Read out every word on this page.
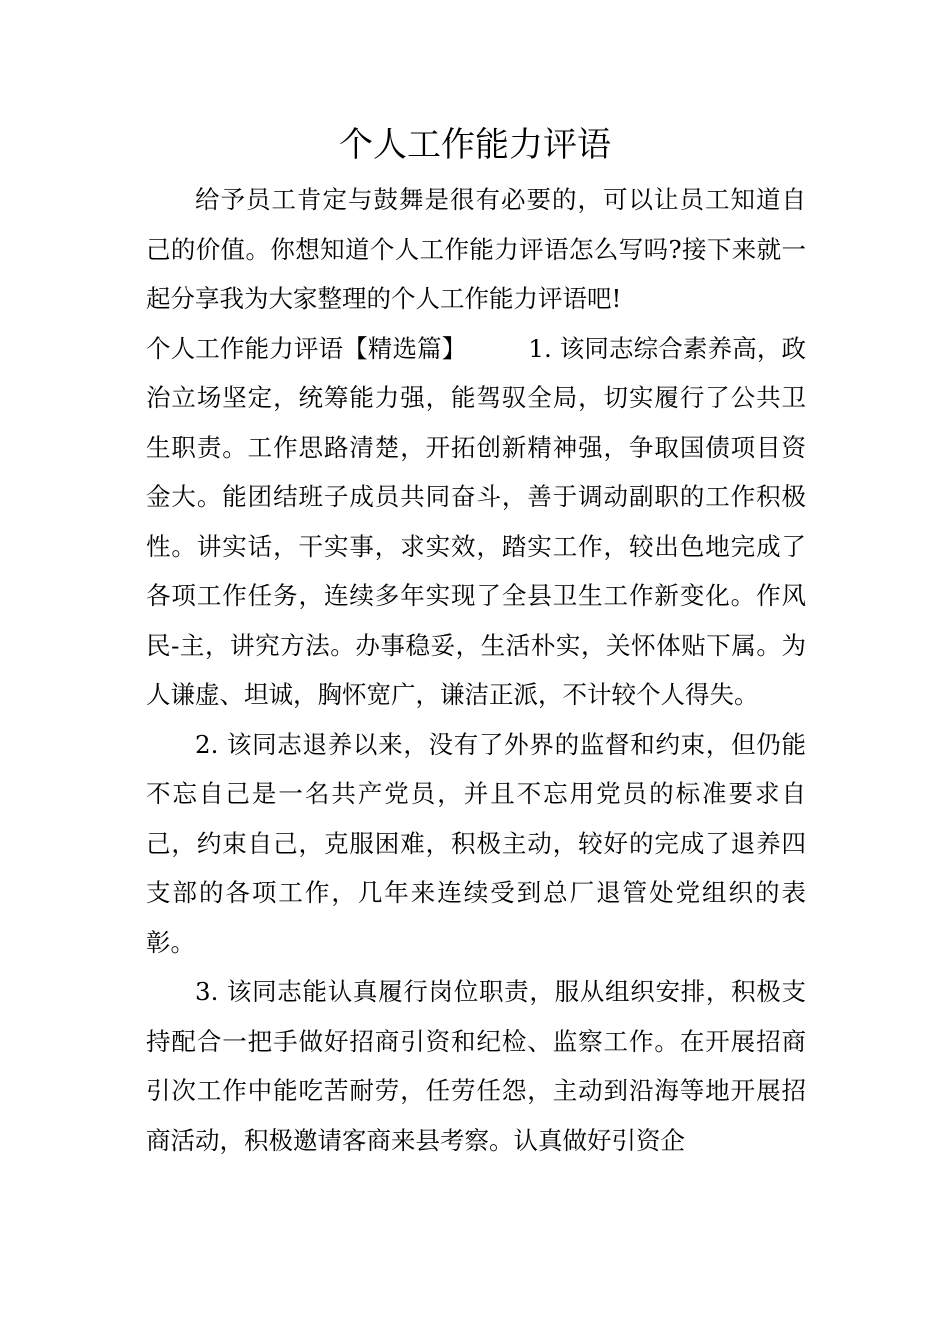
个人工作能力评语

给予员工肯定与鼓舞是很有必要的，可以让员工知道自己的价值。你想知道个人工作能力评语怎么写吗?接下来就一起分享我为大家整理的个人工作能力评语吧!

个人工作能力评语【精选篇】	1. 该同志综合素养高，政治立场坚定，统筹能力强，能驾驭全局，切实履行了公共卫生职责。工作思路清楚，开拓创新精神强，争取国债项目资金大。能团结班子成员共同奋斗，善于调动副职的工作积极性。讲实话，干实事，求实效，踏实工作，较出色地完成了各项工作任务，连续多年实现了全县卫生工作新变化。作风民-主，讲究方法。办事稳妥，生活朴实，关怀体贴下属。为人谦虚、坦诚，胸怀宽广，谦洁正派，不计较个人得失。

2. 该同志退养以来，没有了外界的监督和约束，但仍能不忘自己是一名共产党员，并且不忘用党员的标准要求自己，约束自己，克服困难，积极主动，较好的完成了退养四支部的各项工作，几年来连续受到总厂退管处党组织的表彰。

3. 该同志能认真履行岗位职责，服从组织安排，积极支持配合一把手做好招商引资和纪检、监察工作。在开展招商引次工作中能吃苦耐劳，任劳任怨，主动到沿海等地开展招商活动，积极邀请客商来县考察。认真做好引资企
